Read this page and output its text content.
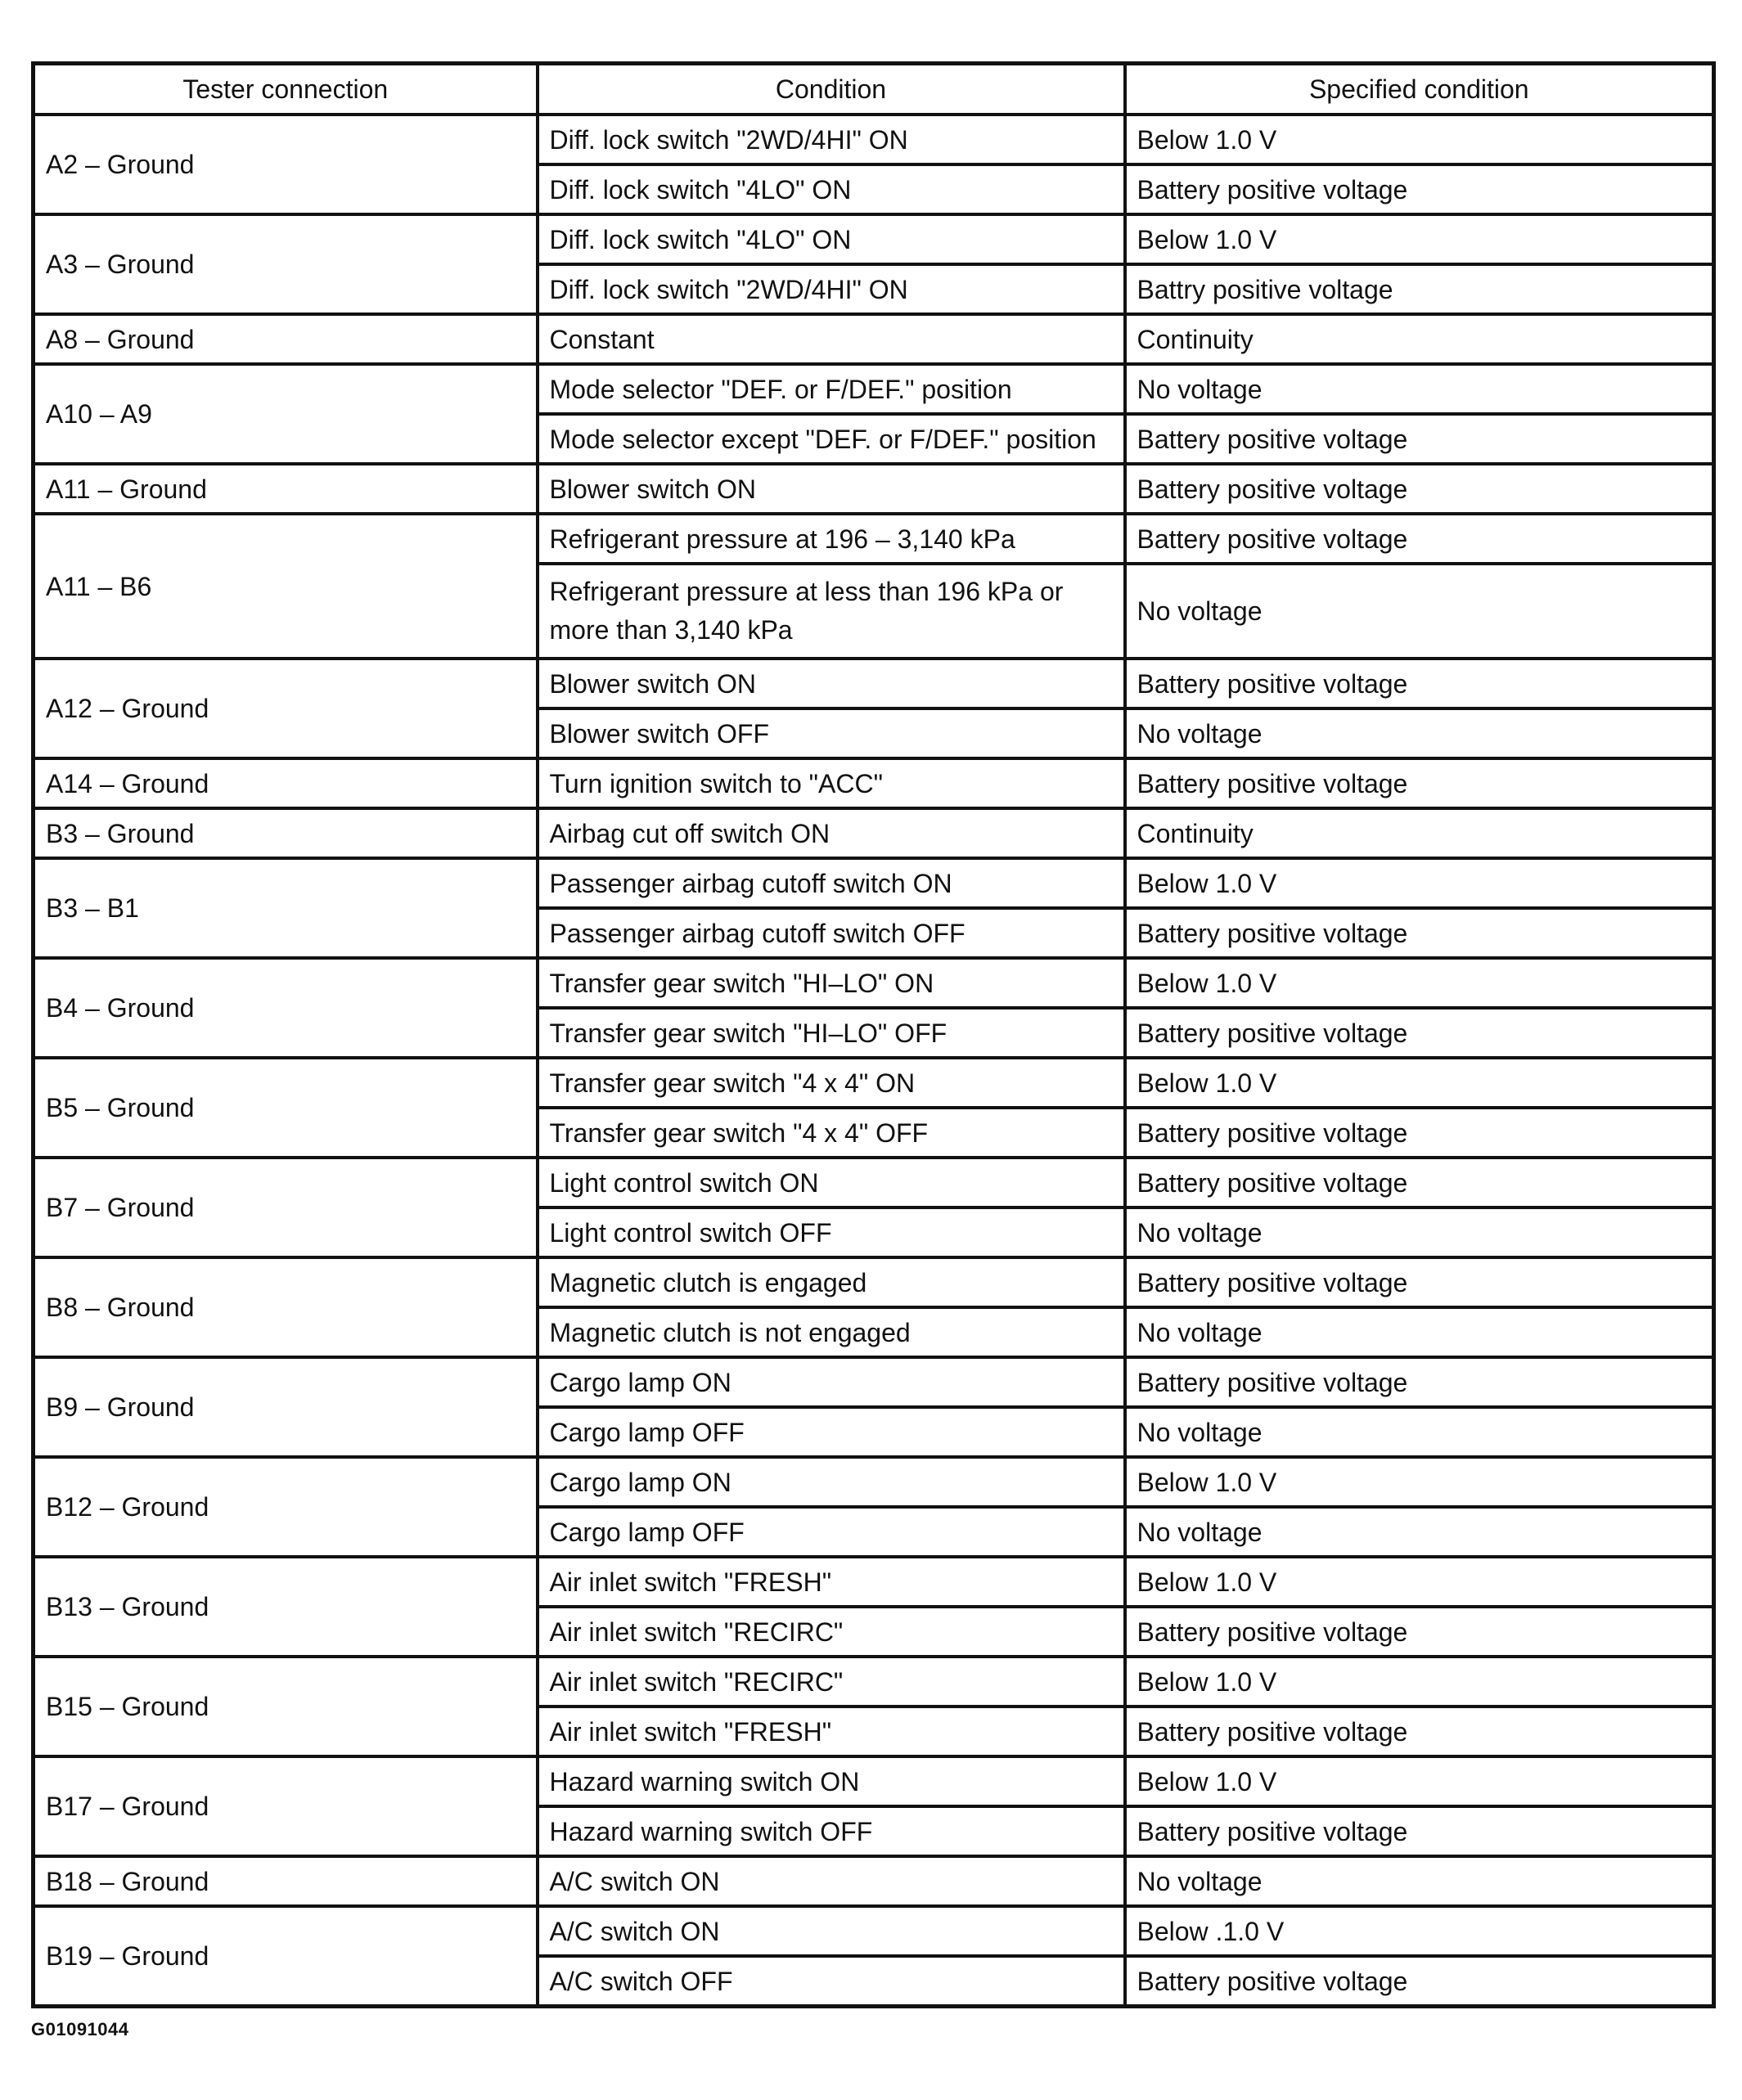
Tester connection	Condition	Specified condition
A2 – Ground	Diff. lock switch "2WD/4HI" ON	Below 1.0 V
	Diff. lock switch "4LO" ON	Battery positive voltage
A3 – Ground	Diff. lock switch "4LO" ON	Below 1.0 V
	Diff. lock switch "2WD/4HI" ON	Battry positive voltage
A8 – Ground	Constant	Continuity
A10 – A9	Mode selector "DEF. or F/DEF." position	No voltage
	Mode selector except "DEF. or F/DEF." position	Battery positive voltage
A11 – Ground	Blower switch ON	Battery positive voltage
A11 – B6	Refrigerant pressure at 196 – 3,140 kPa	Battery positive voltage
	Refrigerant pressure at less than 196 kPa or more than 3,140 kPa	No voltage
A12 – Ground	Blower switch ON	Battery positive voltage
	Blower switch OFF	No voltage
A14 – Ground	Turn ignition switch to "ACC"	Battery positive voltage
B3 – Ground	Airbag cut off switch ON	Continuity
B3 – B1	Passenger airbag cutoff switch ON	Below 1.0 V
	Passenger airbag cutoff switch OFF	Battery positive voltage
B4 – Ground	Transfer gear switch "HI–LO" ON	Below 1.0 V
	Transfer gear switch "HI–LO" OFF	Battery positive voltage
B5 – Ground	Transfer gear switch "4 x 4" ON	Below 1.0 V
	Transfer gear switch "4 x 4" OFF	Battery positive voltage
B7 – Ground	Light control switch ON	Battery positive voltage
	Light control switch OFF	No voltage
B8 – Ground	Magnetic clutch is engaged	Battery positive voltage
	Magnetic clutch is not engaged	No voltage
B9 – Ground	Cargo lamp ON	Battery positive voltage
	Cargo lamp OFF	No voltage
B12 – Ground	Cargo lamp ON	Below 1.0 V
	Cargo lamp OFF	No voltage
B13 – Ground	Air inlet switch "FRESH"	Below 1.0 V
	Air inlet switch "RECIRC"	Battery positive voltage
B15 – Ground	Air inlet switch "RECIRC"	Below 1.0 V
	Air inlet switch "FRESH"	Battery positive voltage
B17 – Ground	Hazard warning switch ON	Below 1.0 V
	Hazard warning switch OFF	Battery positive voltage
B18 – Ground	A/C switch ON	No voltage
B19 – Ground	A/C switch ON	Below .1.0 V
	A/C switch OFF	Battery positive voltage
G01091044
